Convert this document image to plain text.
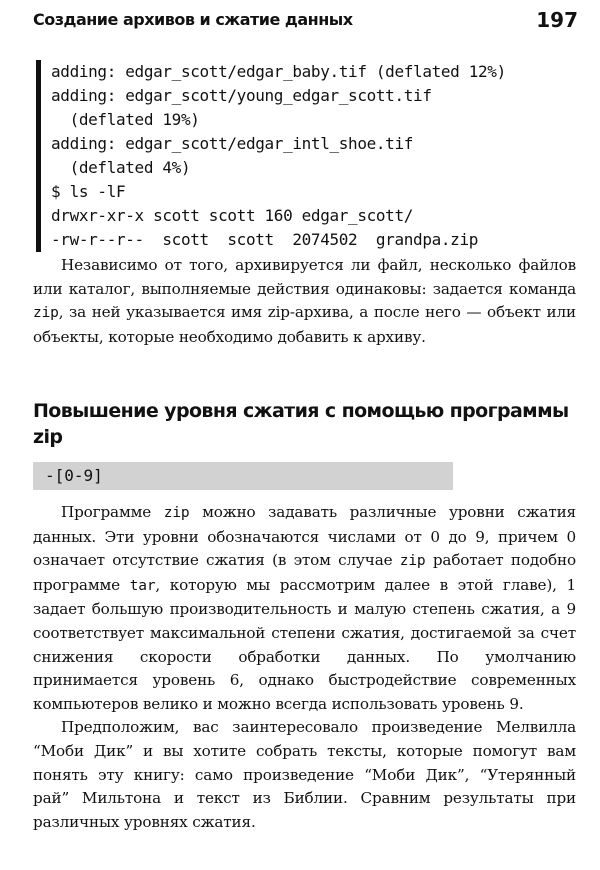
Создание архивов и сжатие данных	197
adding: edgar_scott/edgar_baby.tif (deflated 12%)
adding: edgar_scott/young_edgar_scott.tif
(deflated 19%)
adding: edgar_scott/edgar_intl_shoe.tif
(deflated 4%)
$ ls -lF
drwxr-xr-x scott scott 160 edgar_scott/
-rw-r--r--  scott  scott  2074502  grandpa.zip

Независимо от того, архивируется ли файл, несколько файлов или каталог, выполняемые действия одинаковы: задается команда zip, за ней указывается имя zip-архива, а после него — объект или объекты, которые необходимо добавить к архиву.

Повышение уровня сжатия с помощью программы zip
-[0-9]

Программе zip можно задавать различные уровни сжатия данных. Эти уровни обозначаются числами от 0 до 9, причем 0 означает отсутствие сжатия (в этом случае zip работает подобно программе tar, которую мы рассмотрим далее в этой главе), 1 задает большую производительность и малую степень сжатия, а 9 соответствует максимальной степени сжатия, достигаемой за счет снижения скорости обработки данных. По умолчанию принимается уровень 6, однако быстродействие современных компьютеров велико и можно всегда использовать уровень 9.

Предположим, вас заинтересовало произведение Мелвилла “Моби Дик” и вы хотите собрать тексты, которые помогут вам понять эту книгу: само произведение “Моби Дик”, “Утерянный рай” Мильтона и текст из Библии. Сравним результаты при различных уровнях сжатия.
